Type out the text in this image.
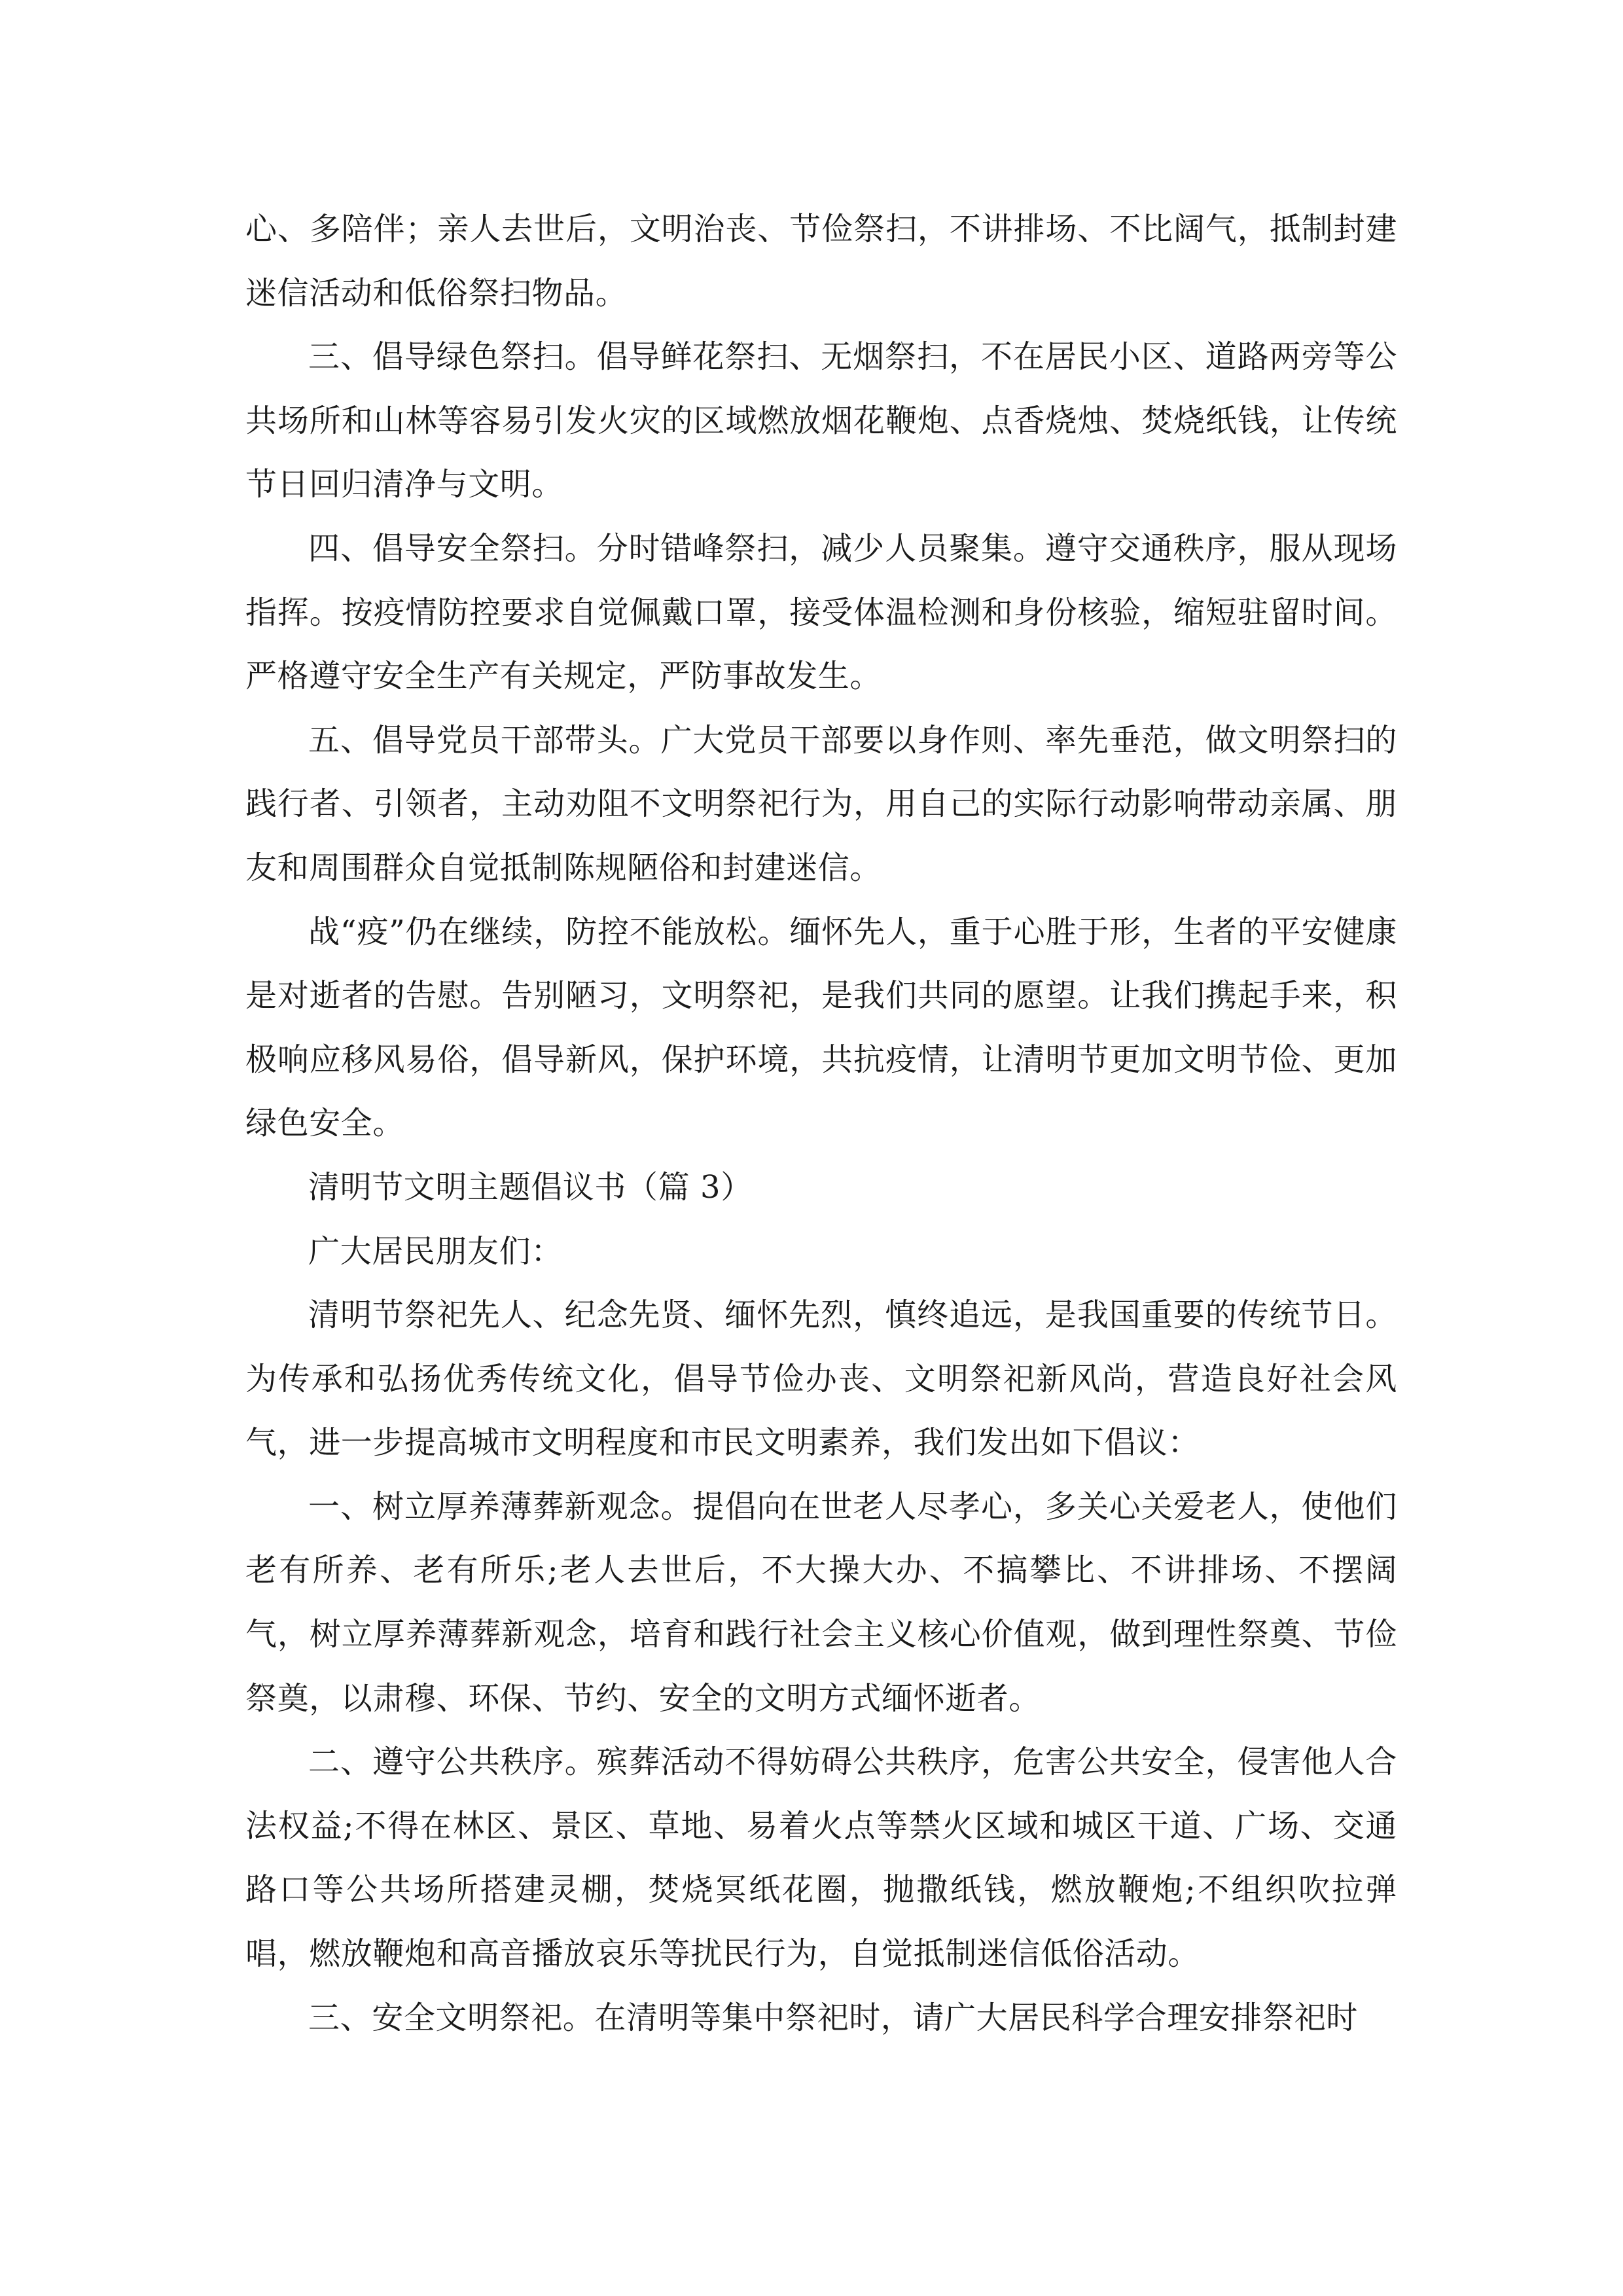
心、多陪伴；亲人去世后，文明治丧、节俭祭扫，不讲排场、不比阔气，抵制封建迷信活动和低俗祭扫物品。

三、倡导绿色祭扫。倡导鲜花祭扫、无烟祭扫，不在居民小区、道路两旁等公共场所和山林等容易引发火灾的区域燃放烟花鞭炮、点香烧烛、焚烧纸钱，让传统节日回归清净与文明。

四、倡导安全祭扫。分时错峰祭扫，减少人员聚集。遵守交通秩序，服从现场指挥。按疫情防控要求自觉佩戴口罩，接受体温检测和身份核验，缩短驻留时间。严格遵守安全生产有关规定，严防事故发生。

五、倡导党员干部带头。广大党员干部要以身作则、率先垂范，做文明祭扫的践行者、引领者，主动劝阻不文明祭祀行为，用自己的实际行动影响带动亲属、朋友和周围群众自觉抵制陈规陋俗和封建迷信。

战“疫”仍在继续，防控不能放松。缅怀先人，重于心胜于形，生者的平安健康是对逝者的告慰。告别陋习，文明祭祀，是我们共同的愿望。让我们携起手来，积极响应移风易俗，倡导新风，保护环境，共抗疫情，让清明节更加文明节俭、更加绿色安全。

清明节文明主题倡议书（篇 3）

广大居民朋友们：

清明节祭祀先人、纪念先贤、缅怀先烈，慎终追远，是我国重要的传统节日。为传承和弘扬优秀传统文化，倡导节俭办丧、文明祭祀新风尚，营造良好社会风气，进一步提高城市文明程度和市民文明素养，我们发出如下倡议：

一、树立厚养薄葬新观念。提倡向在世老人尽孝心，多关心关爱老人，使他们老有所养、老有所乐;老人去世后，不大操大办、不搞攀比、不讲排场、不摆阔气，树立厚养薄葬新观念，培育和践行社会主义核心价值观，做到理性祭奠、节俭祭奠，以肃穆、环保、节约、安全的文明方式缅怀逝者。

二、遵守公共秩序。殡葬活动不得妨碍公共秩序，危害公共安全，侵害他人合法权益;不得在林区、景区、草地、易着火点等禁火区域和城区干道、广场、交通路口等公共场所搭建灵棚，焚烧冥纸花圈，抛撒纸钱，燃放鞭炮;不组织吹拉弹唱，燃放鞭炮和高音播放哀乐等扰民行为，自觉抵制迷信低俗活动。

三、安全文明祭祀。在清明等集中祭祀时，请广大居民科学合理安排祭祀时
